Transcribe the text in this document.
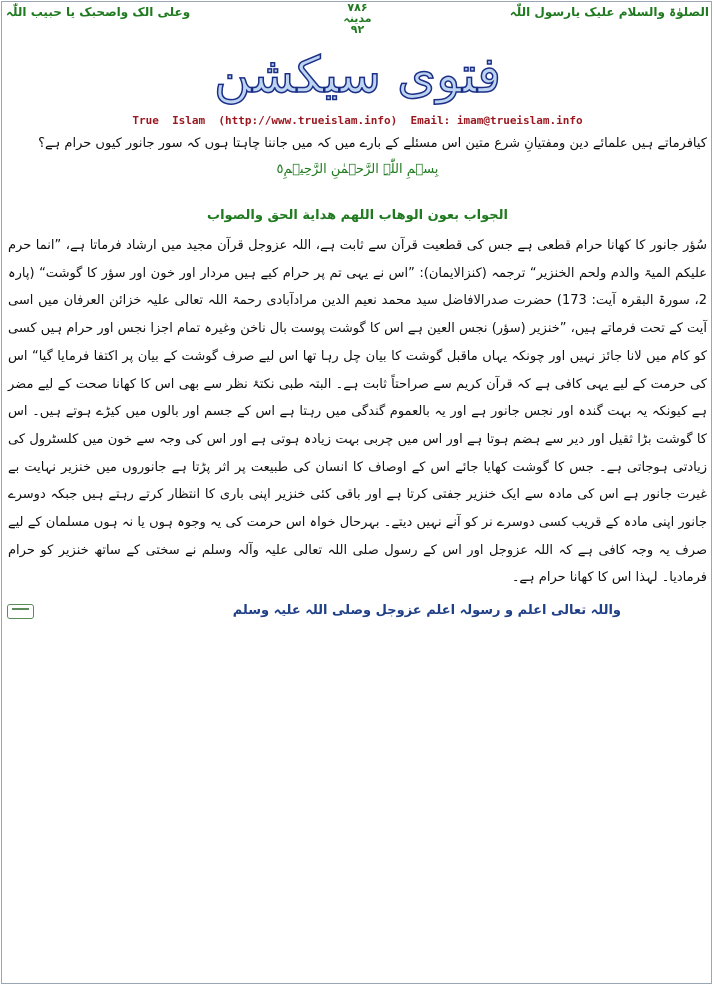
الصلوٰۃ والسلام علیک یارسول اللّٰہ
وعلی الک واصحبک یا حبیب اللّٰہ	۷۸۶
مدینہ
۹۲
فتوی سیکشن
True  Islam  (http://www.trueislam.info)  Email: imam@trueislam.info
کیافرماتے ہیں علمائے دین ومفتیانِ شرع متین اس مسئلے کے بارے میں کہ میں جاننا چاہتا ہوں کہ سور جانور کیوں حرام ہے؟
بِسۡمِ اللّٰہِ الرَّحۡمٰنِ الرَّحِیۡمِ٥
الجواب بعون الوهاب اللهم هداية الحق والصواب
سُؤر جانور کا کھانا حرام قطعی ہے جس کی قطعیت قرآن سے ثابت ہے، اللہ عزوجل قرآن مجید میں ارشاد فرماتا ہے، ”انما حرم علیکم المیۃ والدم ولحم الخنزیر“ ترجمہ (کنزالایمان): ”اس نے یہی تم پر حرام کیے ہیں مردار اور خون اور سؤر کا گوشت“ (پارہ 2، سورۃ البقرہ آیت: 173) حضرت صدرالافاضل سید محمد نعیم الدین مرادآبادی رحمۃ اللہ تعالی علیہ خزائن العرفان میں اسی آیت کے تحت فرماتے ہیں، ”خنزیر (سؤر) نجس العین ہے اس کا گوشت پوست بال ناخن وغیرہ تمام اجزا نجس اور حرام ہیں کسی کو کام میں لانا جائز نہیں اور چونکہ یہاں ماقبل گوشت کا بیان چل رہا تھا اس لیے صرف گوشت کے بیان پر اکتفا فرمایا گیا“ اس کی حرمت کے لیے یہی کافی ہے کہ قرآن کریم سے صراحتاً ثابت ہے۔ البتہ طبی نکتۂ نظر سے بھی اس کا کھانا صحت کے لیے مضر ہے کیونکہ یہ بہت گندہ اور نجس جانور ہے اور یہ بالعموم گندگی میں رہتا ہے اس کے جسم اور بالوں میں کیڑے ہوتے ہیں۔ اس کا گوشت بڑا ثقیل اور دیر سے ہضم ہوتا ہے اور اس میں چربی بہت زیادہ ہوتی ہے اور اس کی وجہ سے خون میں کلسٹرول کی زیادتی ہوجاتی ہے۔ جس کا گوشت کھایا جائے اس کے اوصاف کا انسان کی طبیعت پر اثر پڑتا ہے جانوروں میں خنزیر نہایت بے غیرت جانور ہے اس کی مادہ سے ایک خنزیر جفتی کرتا ہے اور باقی کئی خنزیر اپنی باری کا انتظار کرتے رہتے ہیں جبکہ دوسرے جانور اپنی مادہ کے قریب کسی دوسرے نر کو آنے نہیں دیتے۔ بہرحال خواہ اس حرمت کی یہ وجوہ ہوں یا نہ ہوں مسلمان کے لیے صرف یہ وجہ کافی ہے کہ اللہ عزوجل اور اس کے رسول صلی اللہ تعالی علیہ وآلہ وسلم نے سختی کے ساتھ خنزیر کو حرام فرمادیا۔ لہذا اس کا کھانا حرام ہے۔
واللہ تعالی اعلم و رسولہ اعلم عزوجل وصلی اللہ علیہ وسلم
